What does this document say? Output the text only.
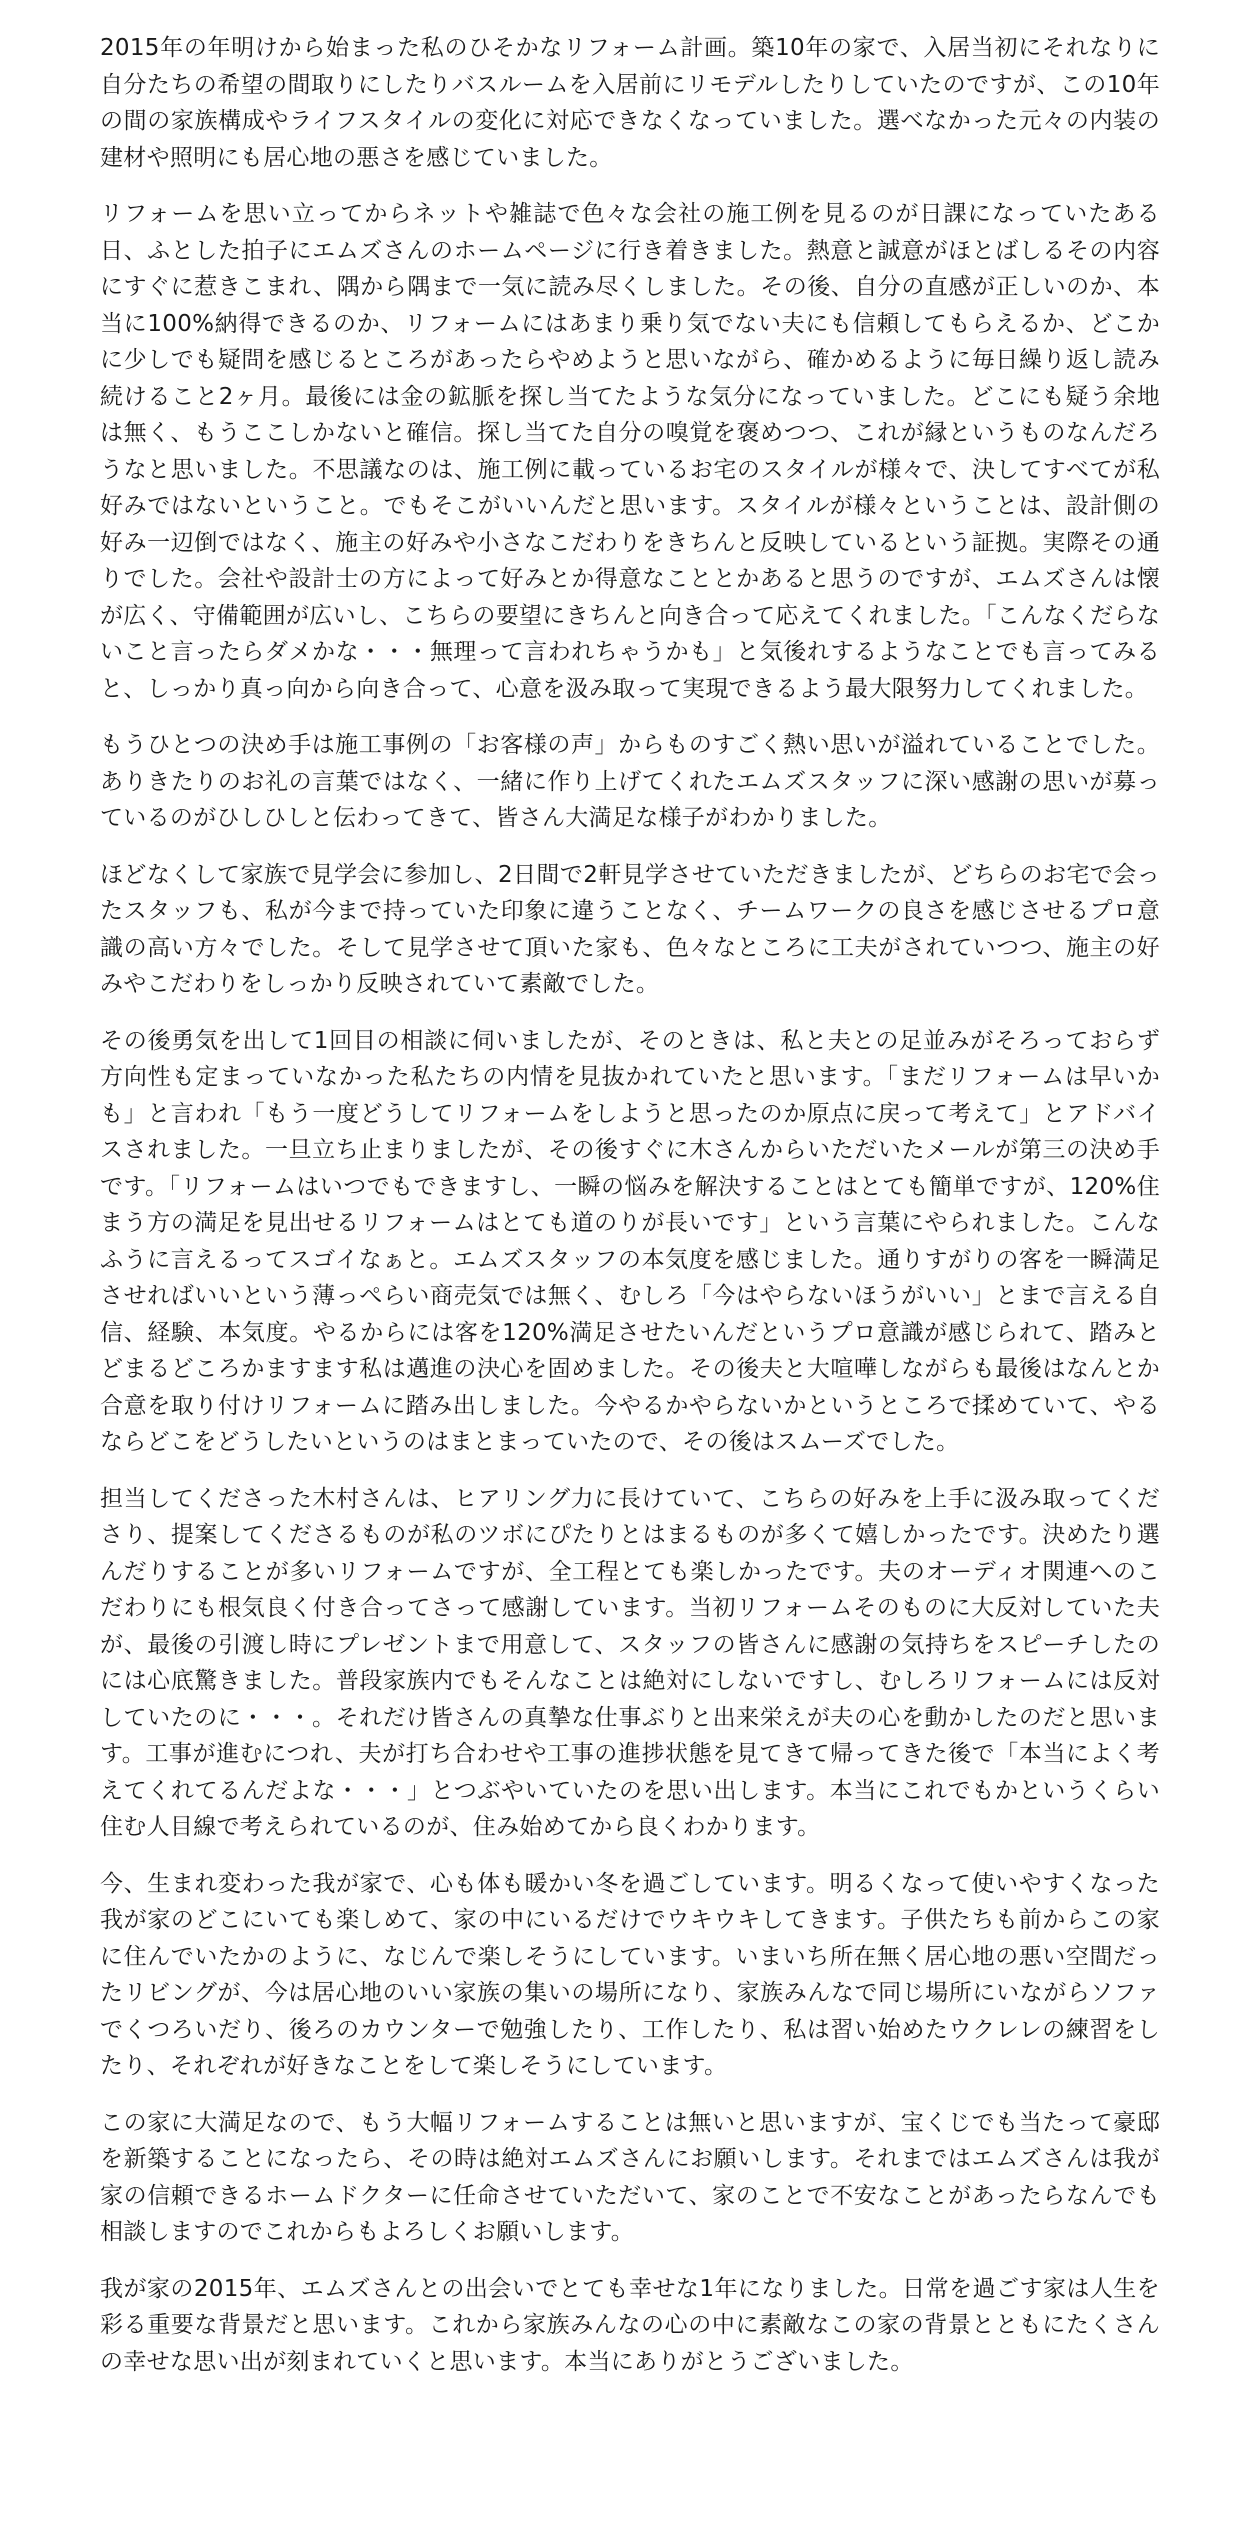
2015年の年明けから始まった私のひそかなリフォーム計画。築10年の家で、入居当初にそれなりに自分たちの希望の間取りにしたりバスルームを入居前にリモデルしたりしていたのですが、この10年の間の家族構成やライフスタイルの変化に対応できなくなっていました。選べなかった元々の内装の建材や照明にも居心地の悪さを感じていました。

リフォームを思い立ってからネットや雑誌で色々な会社の施工例を見るのが日課になっていたある日、ふとした拍子にエムズさんのホームページに行き着きました。熱意と誠意がほとばしるその内容にすぐに惹きこまれ、隅から隅まで一気に読み尽くしました。その後、自分の直感が正しいのか、本当に100%納得できるのか、リフォームにはあまり乗り気でない夫にも信頼してもらえるか、どこかに少しでも疑問を感じるところがあったらやめようと思いながら、確かめるように毎日繰り返し読み続けること2ヶ月。最後には金の鉱脈を探し当てたような気分になっていました。どこにも疑う余地は無く、もうここしかないと確信。探し当てた自分の嗅覚を褒めつつ、これが縁というものなんだろうなと思いました。不思議なのは、施工例に載っているお宅のスタイルが様々で、決してすべてが私好みではないということ。でもそこがいいんだと思います。スタイルが様々ということは、設計側の好み一辺倒ではなく、施主の好みや小さなこだわりをきちんと反映しているという証拠。実際その通りでした。会社や設計士の方によって好みとか得意なこととかあると思うのですが、エムズさんは懐が広く、守備範囲が広いし、こちらの要望にきちんと向き合って応えてくれました。「こんなくだらないこと言ったらダメかな・・・無理って言われちゃうかも」と気後れするようなことでも言ってみると、しっかり真っ向から向き合って、心意を汲み取って実現できるよう最大限努力してくれました。

もうひとつの決め手は施工事例の「お客様の声」からものすごく熱い思いが溢れていることでした。ありきたりのお礼の言葉ではなく、一緒に作り上げてくれたエムズスタッフに深い感謝の思いが募っているのがひしひしと伝わってきて、皆さん大満足な様子がわかりました。

ほどなくして家族で見学会に参加し、2日間で2軒見学させていただきましたが、どちらのお宅で会ったスタッフも、私が今まで持っていた印象に違うことなく、チームワークの良さを感じさせるプロ意識の高い方々でした。そして見学させて頂いた家も、色々なところに工夫がされていつつ、施主の好みやこだわりをしっかり反映されていて素敵でした。

その後勇気を出して1回目の相談に伺いましたが、そのときは、私と夫との足並みがそろっておらず方向性も定まっていなかった私たちの内情を見抜かれていたと思います。「まだリフォームは早いかも」と言われ「もう一度どうしてリフォームをしようと思ったのか原点に戻って考えて」とアドバイスされました。一旦立ち止まりましたが、その後すぐに木さんからいただいたメールが第三の決め手です。「リフォームはいつでもできますし、一瞬の悩みを解決することはとても簡単ですが、120%住まう方の満足を見出せるリフォームはとても道のりが長いです」という言葉にやられました。こんなふうに言えるってスゴイなぁと。エムズスタッフの本気度を感じました。通りすがりの客を一瞬満足させればいいという薄っぺらい商売気では無く、むしろ「今はやらないほうがいい」とまで言える自信、経験、本気度。やるからには客を120%満足させたいんだというプロ意識が感じられて、踏みとどまるどころかますます私は邁進の決心を固めました。その後夫と大喧嘩しながらも最後はなんとか合意を取り付けリフォームに踏み出しました。今やるかやらないかというところで揉めていて、やるならどこをどうしたいというのはまとまっていたので、その後はスムーズでした。

担当してくださった木村さんは、ヒアリング力に長けていて、こちらの好みを上手に汲み取ってくださり、提案してくださるものが私のツボにぴたりとはまるものが多くて嬉しかったです。決めたり選んだりすることが多いリフォームですが、全工程とても楽しかったです。夫のオーディオ関連へのこだわりにも根気良く付き合ってさって感謝しています。当初リフォームそのものに大反対していた夫が、最後の引渡し時にプレゼントまで用意して、スタッフの皆さんに感謝の気持ちをスピーチしたのには心底驚きました。普段家族内でもそんなことは絶対にしないですし、むしろリフォームには反対していたのに・・・。それだけ皆さんの真摯な仕事ぶりと出来栄えが夫の心を動かしたのだと思います。工事が進むにつれ、夫が打ち合わせや工事の進捗状態を見てきて帰ってきた後で「本当によく考えてくれてるんだよな・・・」とつぶやいていたのを思い出します。本当にこれでもかというくらい住む人目線で考えられているのが、住み始めてから良くわかります。

今、生まれ変わった我が家で、心も体も暖かい冬を過ごしています。明るくなって使いやすくなった我が家のどこにいても楽しめて、家の中にいるだけでウキウキしてきます。子供たちも前からこの家に住んでいたかのように、なじんで楽しそうにしています。いまいち所在無く居心地の悪い空間だったリビングが、今は居心地のいい家族の集いの場所になり、家族みんなで同じ場所にいながらソファでくつろいだり、後ろのカウンターで勉強したり、工作したり、私は習い始めたウクレレの練習をしたり、それぞれが好きなことをして楽しそうにしています。

この家に大満足なので、もう大幅リフォームすることは無いと思いますが、宝くじでも当たって豪邸を新築することになったら、その時は絶対エムズさんにお願いします。それまではエムズさんは我が家の信頼できるホームドクターに任命させていただいて、家のことで不安なことがあったらなんでも相談しますのでこれからもよろしくお願いします。

我が家の2015年、エムズさんとの出会いでとても幸せな1年になりました。日常を過ごす家は人生を彩る重要な背景だと思います。これから家族みんなの心の中に素敵なこの家の背景とともにたくさんの幸せな思い出が刻まれていくと思います。本当にありがとうございました。
